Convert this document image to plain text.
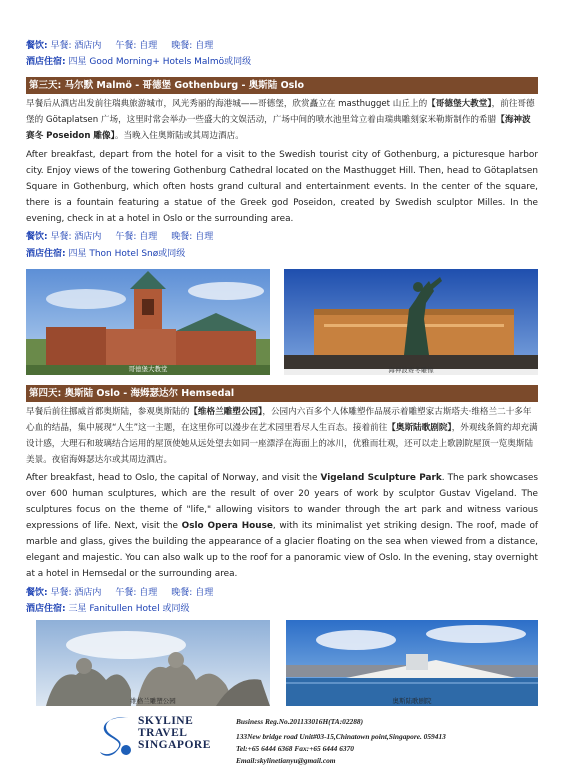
餐饮: 早餐: 酒店内 午餐: 自理 晚餐: 自理
酒店住宿: 四星 Good Morning+ Hotels Malmö或同级
第三天: 马尔默 Malmö - 哥德堡 Gothenburg - 奥斯陆 Oslo
早餐后从酒店出发前往瑞典旅游城市，风光秀丽的海港城——哥德堡，欣赏矗立在 masthugget 山丘上的【哥德堡大教堂】，前往哥德堡的 Götaplatsen 广场，这里时常会举办一些盛大的文娱活动，广场中间的喷水池里耸立着由瑞典雕刻家米勒斯制作的希腊【海神波赛冬 Poseidon 雕像】。当晚入住奥斯陆或其周边酒店。
After breakfast, depart from the hotel for a visit to the Swedish tourist city of Gothenburg, a picturesque harbor city. Enjoy views of the towering Gothenburg Cathedral located on the Masthugget Hill. Then, head to Götaplatsen Square in Gothenburg, which often hosts grand cultural and entertainment events. In the center of the square, there is a fountain featuring a statue of the Greek god Poseidon, created by Swedish sculptor Milles. In the evening, check in at a hotel in Oslo or the surrounding area.
餐饮: 早餐: 酒店内 午餐: 自理 晚餐: 自理
酒店住宿: 四星 Thon Hotel Snø或同级
哥德堡大教堂	海神波赛冬雕像
第四天: 奥斯陆 Oslo - 海姆瑟达尔 Hemsedal
早餐后前往挪威首都奥斯陆，参观奥斯陆的【维格兰雕塑公园】，公园内六百多个人体雕塑作品展示着雕塑家古斯塔夫·维格兰二十多年心血的结晶，集中展现“人生”这一主题，在这里你可以漫步在艺术园里看尽人生百态。接着前往【奥斯陆歌剧院】，外观线条简约却充满设计感，大理石和玻璃结合运用的屋顶使她从远处望去如同一座漂浮在海面上的冰川，优雅而壮观，还可以走上歌剧院屋顶一览奥斯陆美景。夜宿海姆瑟达尔或其周边酒店。
After breakfast, head to Oslo, the capital of Norway, and visit the Vigeland Sculpture Park. The park showcases over 600 human sculptures, which are the result of over 20 years of work by sculptor Gustav Vigeland. The sculptures focus on the theme of "life," allowing visitors to wander through the art park and witness various expressions of life. Next, visit the Oslo Opera House, with its minimalist yet striking design. The roof, made of marble and glass, gives the building the appearance of a glacier floating on the sea when viewed from a distance, elegant and majestic. You can also walk up to the roof for a panoramic view of Oslo. In the evening, stay overnight at a hotel in Hemsedal or the surrounding area.
餐饮: 早餐: 酒店内 午餐: 自理 晚餐: 自理
酒店住宿: 三星 Fanitullen Hotel 或同级
维格兰雕塑公园	奥斯陆歌剧院
SKYLINE
TRAVEL
SINGAPORE
Business Reg.No.201133016H(TA:02288)
133New bridge road Unit#03-15,Chinatown point,Singapore. 059413
Tel:+65 6444 6368 Fax:+65 6444 6370
Email:skylinetianyu@gmail.com
